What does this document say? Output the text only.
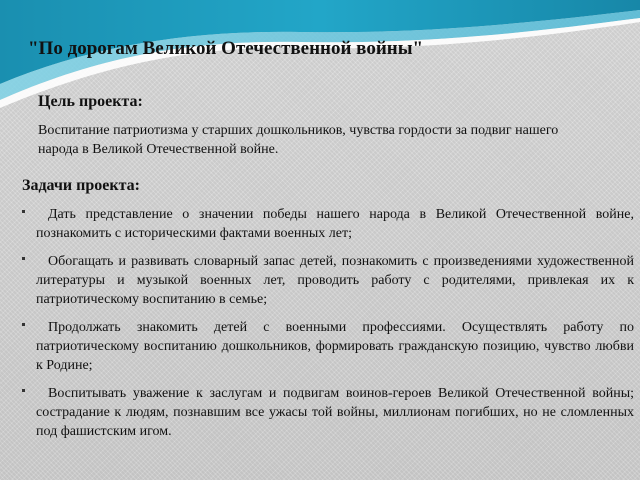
"По дорогам Великой Отечественной войны"
Цель проекта:

Воспитание патриотизма у старших дошкольников, чувства гордости за подвиг нашего народа в Великой Отечественной войне.

Задачи проекта:
Дать представление о значении победы нашего народа в Великой Отечественной войне, познакомить с историческими фактами военных лет;
Обогащать и развивать словарный запас детей, познакомить с произведениями художественной литературы и музыкой военных лет, проводить работу с родителями, привлекая их к патриотическому воспитанию в семье;
Продолжать знакомить детей с военными профессиями. Осуществлять работу по патриотическому воспитанию дошкольников, формировать гражданскую позицию, чувство любви к Родине;
Воспитывать уважение к заслугам и подвигам воинов-героев Великой Отечественной войны; сострадание к людям, познавшим все ужасы той войны, миллионам погибших, но не сломленных под фашистским игом.
